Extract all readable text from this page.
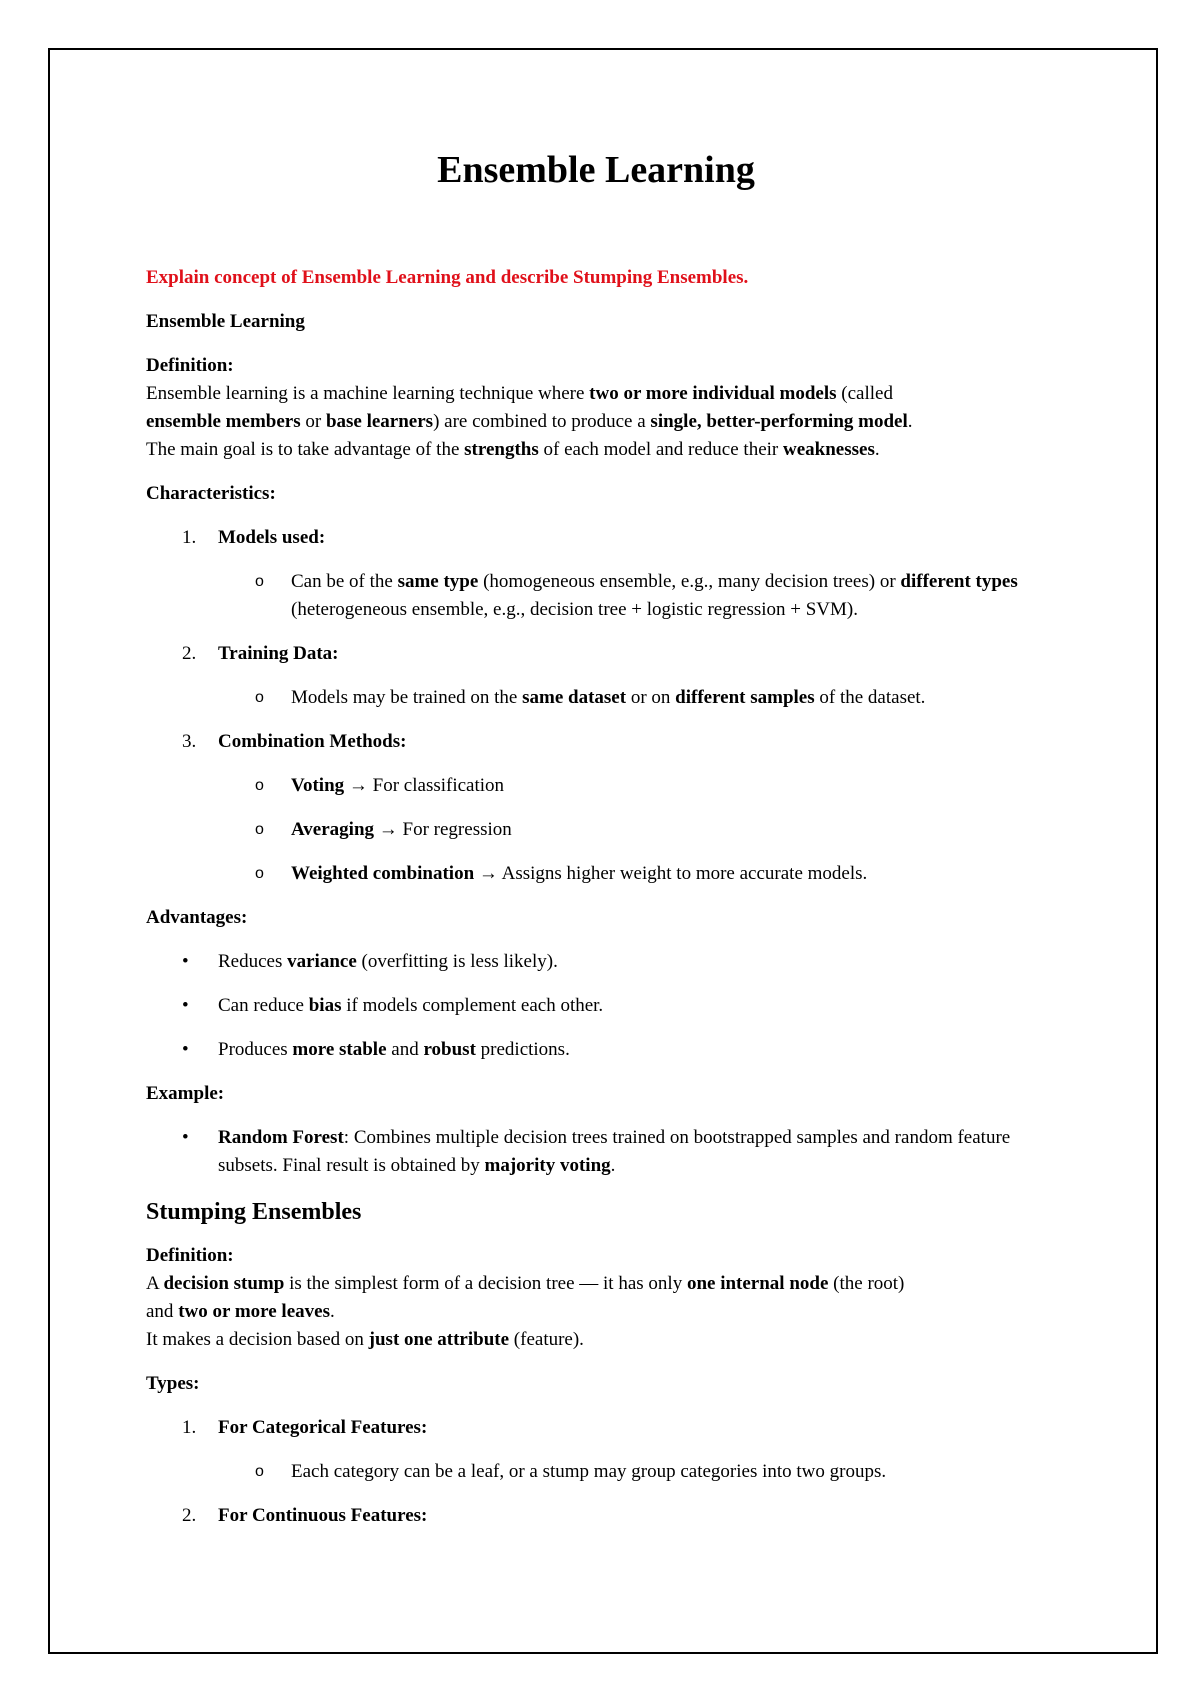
Ensemble Learning

Explain concept of Ensemble Learning and describe Stumping Ensembles.

Ensemble Learning

Definition:
Ensemble learning is a machine learning technique where two or more individual models (called
ensemble members or base learners) are combined to produce a single, better-performing model.
The main goal is to take advantage of the strengths of each model and reduce their weaknesses.

Characteristics:

1. Models used:
o Can be of the same type (homogeneous ensemble, e.g., many decision trees) or different types (heterogeneous ensemble, e.g., decision tree + logistic regression + SVM).
2. Training Data:
o Models may be trained on the same dataset or on different samples of the dataset.
3. Combination Methods:
o Voting → For classification
o Averaging → For regression
o Weighted combination → Assigns higher weight to more accurate models.

Advantages:

• Reduces variance (overfitting is less likely).
• Can reduce bias if models complement each other.
• Produces more stable and robust predictions.

Example:

• Random Forest: Combines multiple decision trees trained on bootstrapped samples and random feature subsets. Final result is obtained by majority voting.
Stumping Ensembles

Definition:
A decision stump is the simplest form of a decision tree — it has only one internal node (the root)
and two or more leaves.
It makes a decision based on just one attribute (feature).

Types:

1. For Categorical Features:
o Each category can be a leaf, or a stump may group categories into two groups.
2. For Continuous Features:
